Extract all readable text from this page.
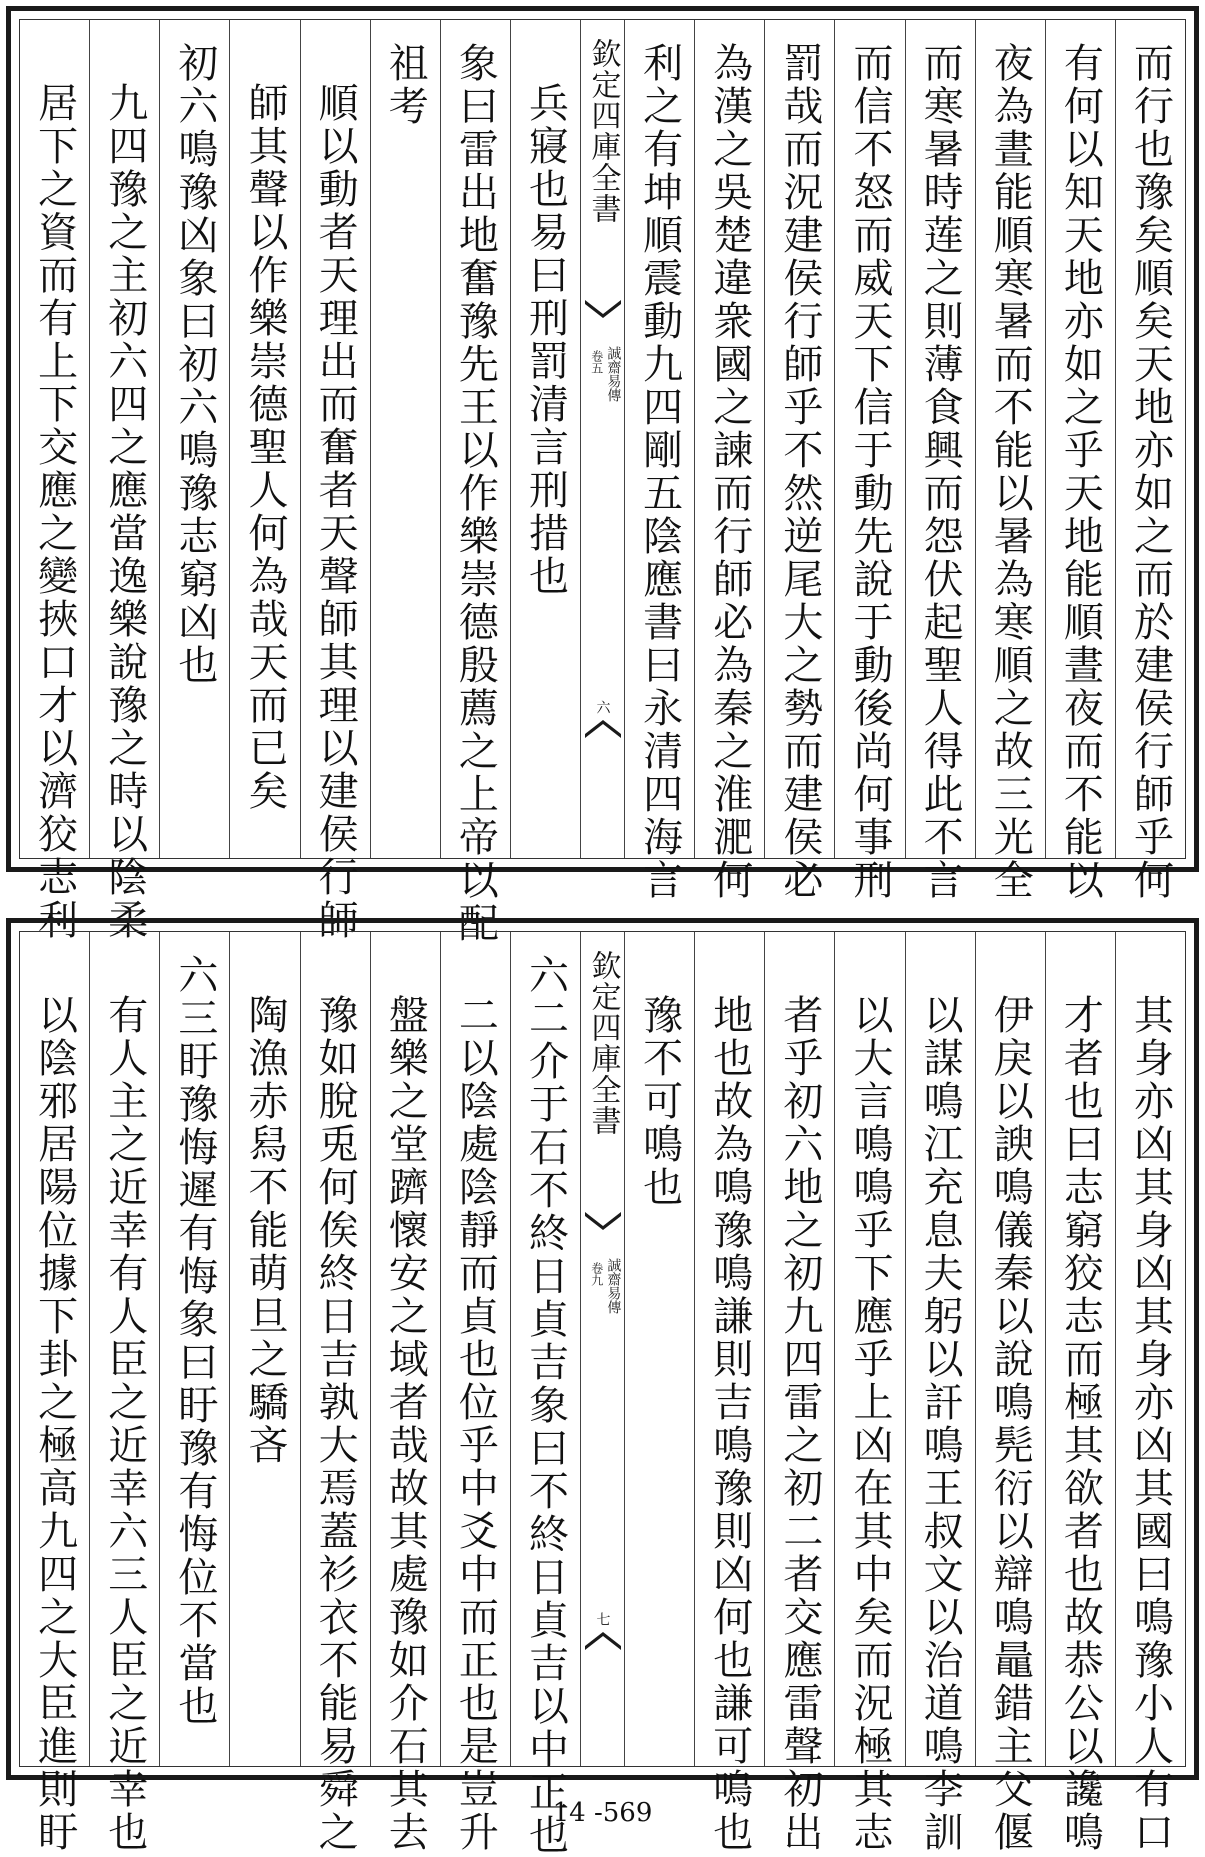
而行也豫矣順矣天地亦如之而於建侯行師乎何
有何以知天地亦如之乎天地能順晝夜而不能以
夜為晝能順寒暑而不能以暑為寒順之故三光全
而寒暑時莲之則薄食興而怨伏起聖人得此不言
而信不怒而威天下信于動先說于動後尚何事刑
罰哉而況建侯行師乎不然逆尾大之勢而建侯必
為漢之吳楚違衆國之諫而行師必為秦之淮淝何
利之有坤順震動九四剛五陰應書曰永清四海言
欽定四庫全書
誠齋易傳
卷五
六
兵寢也易曰刑罰清言刑措也
象曰雷出地奮豫先王以作樂崇德殷薦之上帝以配
祖考
順以動者天理出而奮者天聲師其理以建侯行師
師其聲以作樂崇德聖人何為哉天而已矣
初六鳴豫凶象曰初六鳴豫志窮凶也
九四豫之主初六四之應當逸樂說豫之時以陰柔
居下之資而有上下交應之變挾口才以濟狡志利
其身亦凶其身凶其身亦凶其國曰鳴豫小人有口
才者也曰志窮狡志而極其欲者也故恭公以讒鳴
伊戾以諛鳴儀秦以說鳴髡衍以辯鳴鼂錯主父偃
以謀鳴江充息夫躬以訐鳴王叔文以治道鳴李訓
以大言鳴鳴乎下應乎上凶在其中矣而況極其志
者乎初六地之初九四雷之初二者交應雷聲初出
地也故為鳴豫鳴謙則吉鳴豫則凶何也謙可鳴也
豫不可鳴也
欽定四庫全書
誠齋易傳
卷九
七
六二介于石不終日貞吉象曰不終日貞吉以中正也
二以陰處陰靜而貞也位乎中爻中而正也是豈升
盤樂之堂躋懷安之域者哉故其處豫如介石其去
豫如脫兎何俟終日吉孰大焉蓋衫衣不能易舜之
陶漁赤舄不能萌旦之驕吝
六三盱豫悔遲有悔象曰盱豫有悔位不當也
有人主之近幸有人臣之近幸六三人臣之近幸也
以陰邪居陽位據下卦之極高九四之大臣進則盱	14 -569
